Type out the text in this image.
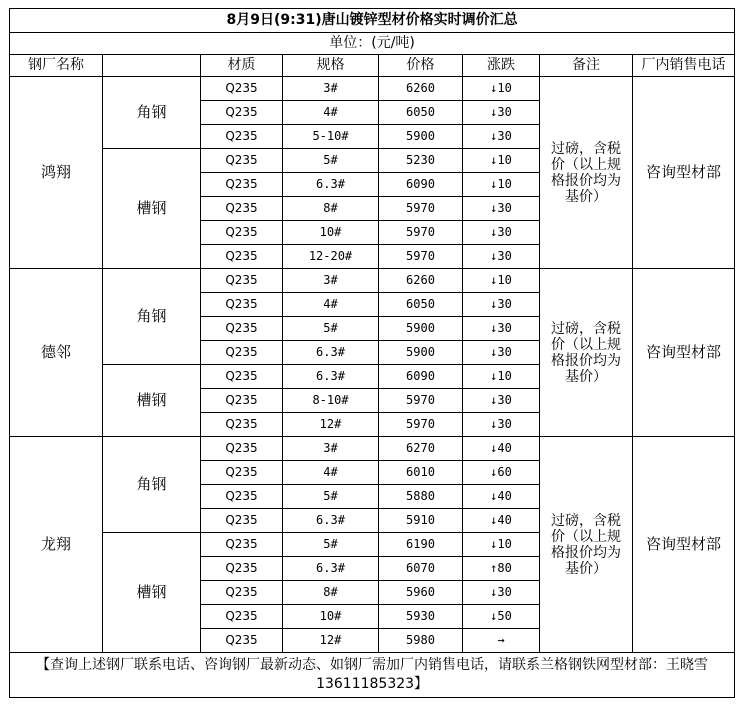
8月9日(9:31)唐山镀锌型材价格实时调价汇总							
单位：(元/吨)							
钢厂名称		材质	规格	价格	涨跌	备注	厂内销售电话
鸿翔	角钢	Q235	3#	6260	↓10	过磅，含税价（以上规格报价均为基价）	咨询型材部
		Q235	4#	6050	↓30		
		Q235	5-10#	5900	↓30		
	槽钢	Q235	5#	5230	↓10		
		Q235	6.3#	6090	↓10		
		Q235	8#	5970	↓30		
		Q235	10#	5970	↓30		
		Q235	12-20#	5970	↓30		
德邻	角钢	Q235	3#	6260	↓10	过磅，含税价（以上规格报价均为基价）	咨询型材部
		Q235	4#	6050	↓30		
		Q235	5#	5900	↓30		
		Q235	6.3#	5900	↓30		
	槽钢	Q235	6.3#	6090	↓10		
		Q235	8-10#	5970	↓30		
		Q235	12#	5970	↓30		
龙翔	角钢	Q235	3#	6270	↓40	过磅，含税价（以上规格报价均为基价）	咨询型材部
		Q235	4#	6010	↓60		
		Q235	5#	5880	↓40		
		Q235	6.3#	5910	↓40		
	槽钢	Q235	5#	6190	↓10		
		Q235	6.3#	6070	↑80		
		Q235	8#	5960	↓30		
		Q235	10#	5930	↓50		
		Q235	12#	5980	→		
【查询上述钢厂联系电话、咨询钢厂最新动态、如钢厂需加厂内销售电话，请联系兰格钢铁网型材部：王晓雪13611185323】							
